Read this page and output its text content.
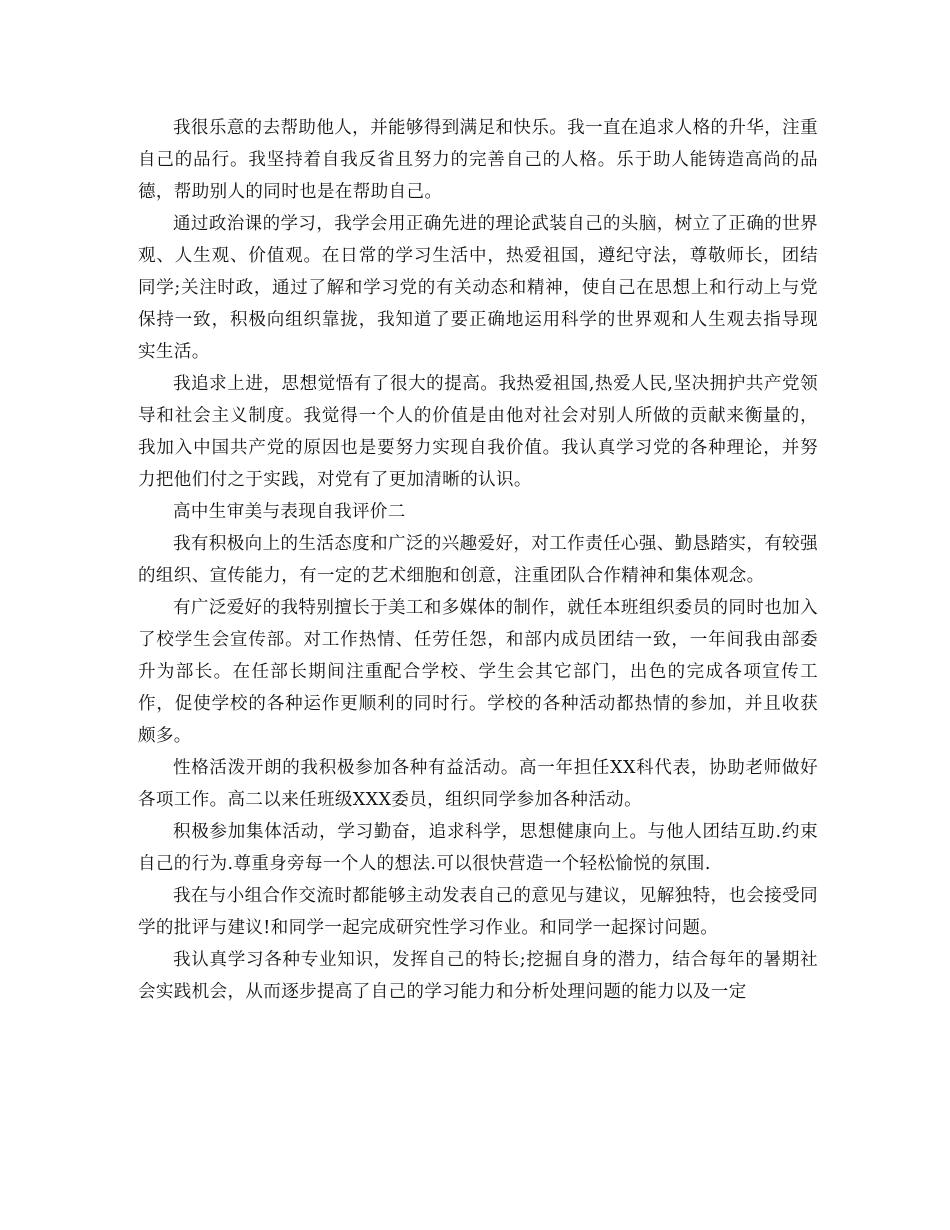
我很乐意的去帮助他人，并能够得到满足和快乐。我一直在追求人格的升华，注重自己的品行。我坚持着自我反省且努力的完善自己的人格。乐于助人能铸造高尚的品德，帮助别人的同时也是在帮助自己。

通过政治课的学习，我学会用正确先进的理论武装自己的头脑，树立了正确的世界观、人生观、价值观。在日常的学习生活中，热爱祖国，遵纪守法，尊敬师长，团结同学;关注时政，通过了解和学习党的有关动态和精神，使自己在思想上和行动上与党保持一致，积极向组织靠拢，我知道了要正确地运用科学的世界观和人生观去指导现实生活。

我追求上进，思想觉悟有了很大的提高。我热爱祖国,热爱人民,坚决拥护共产党领导和社会主义制度。我觉得一个人的价值是由他对社会对别人所做的贡献来衡量的，我加入中国共产党的原因也是要努力实现自我价值。我认真学习党的各种理论，并努力把他们付之于实践，对党有了更加清晰的认识。

高中生审美与表现自我评价二

我有积极向上的生活态度和广泛的兴趣爱好，对工作责任心强、勤恳踏实，有较强的组织、宣传能力，有一定的艺术细胞和创意，注重团队合作精神和集体观念。

有广泛爱好的我特别擅长于美工和多媒体的制作，就任本班组织委员的同时也加入了校学生会宣传部。对工作热情、任劳任怨，和部内成员团结一致，一年间我由部委升为部长。在任部长期间注重配合学校、学生会其它部门，出色的完成各项宣传工作，促使学校的各种运作更顺利的同时行。学校的各种活动都热情的参加，并且收获颇多。

性格活泼开朗的我积极参加各种有益活动。高一年担任XX科代表，协助老师做好各项工作。高二以来任班级XXX委员，组织同学参加各种活动。

积极参加集体活动，学习勤奋，追求科学，思想健康向上。与他人团结互助.约束自己的行为.尊重身旁每一个人的想法.可以很快营造一个轻松愉悦的氛围.

我在与小组合作交流时都能够主动发表自己的意见与建议，见解独特，也会接受同学的批评与建议!和同学一起完成研究性学习作业。和同学一起探讨问题。

我认真学习各种专业知识，发挥自己的特长;挖掘自身的潜力，结合每年的暑期社会实践机会，从而逐步提高了自己的学习能力和分析处理问题的能力以及一定
